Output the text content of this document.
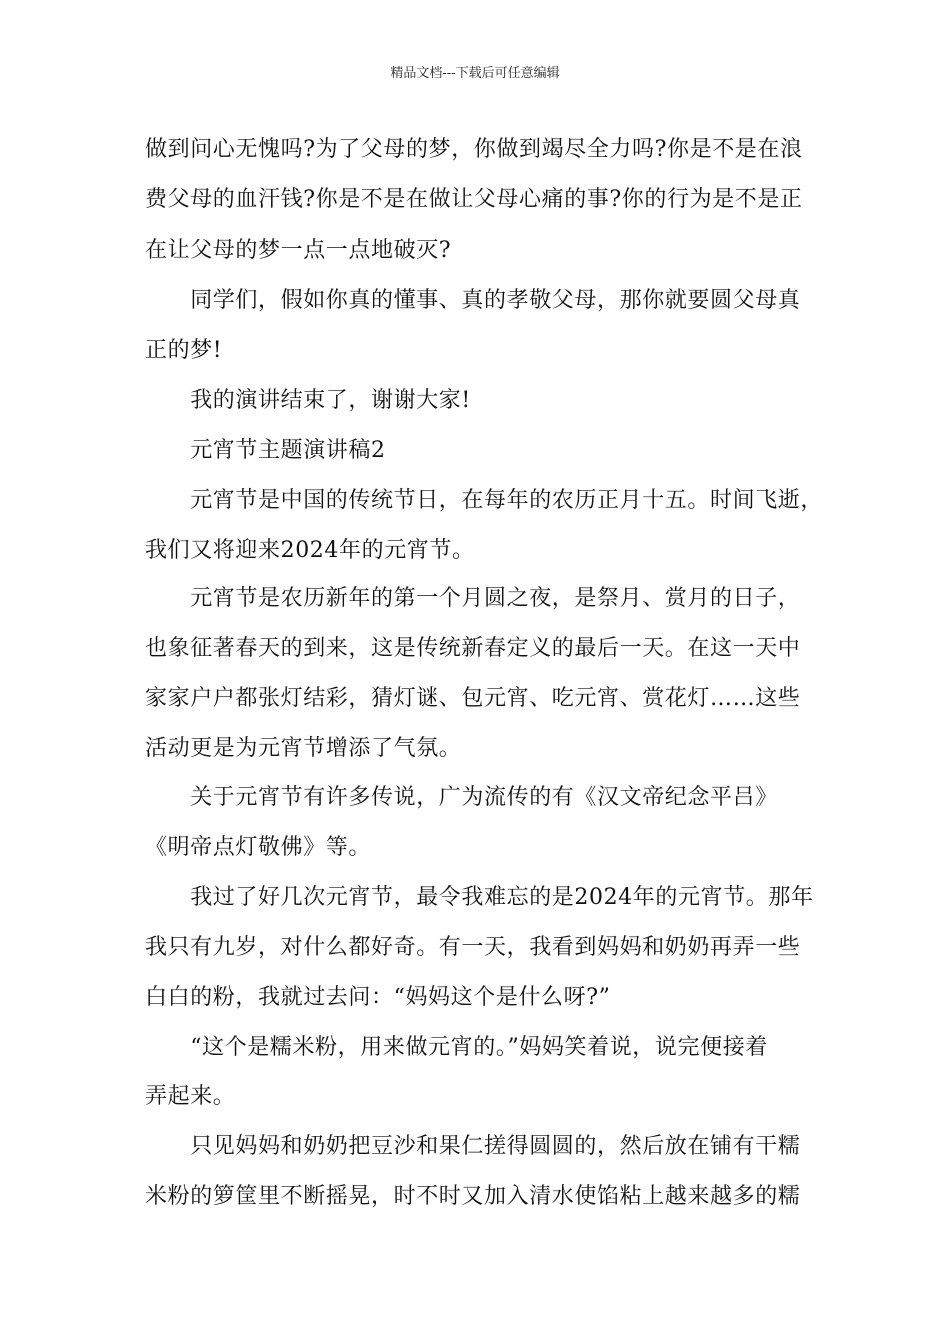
精品文档---下载后可任意编辑
做到问心无愧吗?为了父母的梦，你做到竭尽全力吗?你是不是在浪
费父母的血汗钱?你是不是在做让父母心痛的事?你的行为是不是正
在让父母的梦一点一点地破灭?
　　同学们，假如你真的懂事、真的孝敬父母，那你就要圆父母真
正的梦!
　　我的演讲结束了，谢谢大家!
　　元宵节主题演讲稿2
　　元宵节是中国的传统节日，在每年的农历正月十五。时间飞逝，
我们又将迎来2024年的元宵节。
　　元宵节是农历新年的第一个月圆之夜，是祭月、赏月的日子，
也象征著春天的到来，这是传统新春定义的最后一天。在这一天中
家家户户都张灯结彩，猜灯谜、包元宵、吃元宵、赏花灯……这些
活动更是为元宵节增添了气氛。
　　关于元宵节有许多传说，广为流传的有《汉文帝纪念平吕》
《明帝点灯敬佛》等。
　　我过了好几次元宵节，最令我难忘的是2024年的元宵节。那年
我只有九岁，对什么都好奇。有一天，我看到妈妈和奶奶再弄一些
白白的粉，我就过去问：“妈妈这个是什么呀?”
　　“这个是糯米粉，用来做元宵的。”妈妈笑着说，说完便接着
弄起来。
　　只见妈妈和奶奶把豆沙和果仁搓得圆圆的，然后放在铺有干糯
米粉的箩筐里不断摇晃，时不时又加入清水使馅粘上越来越多的糯
